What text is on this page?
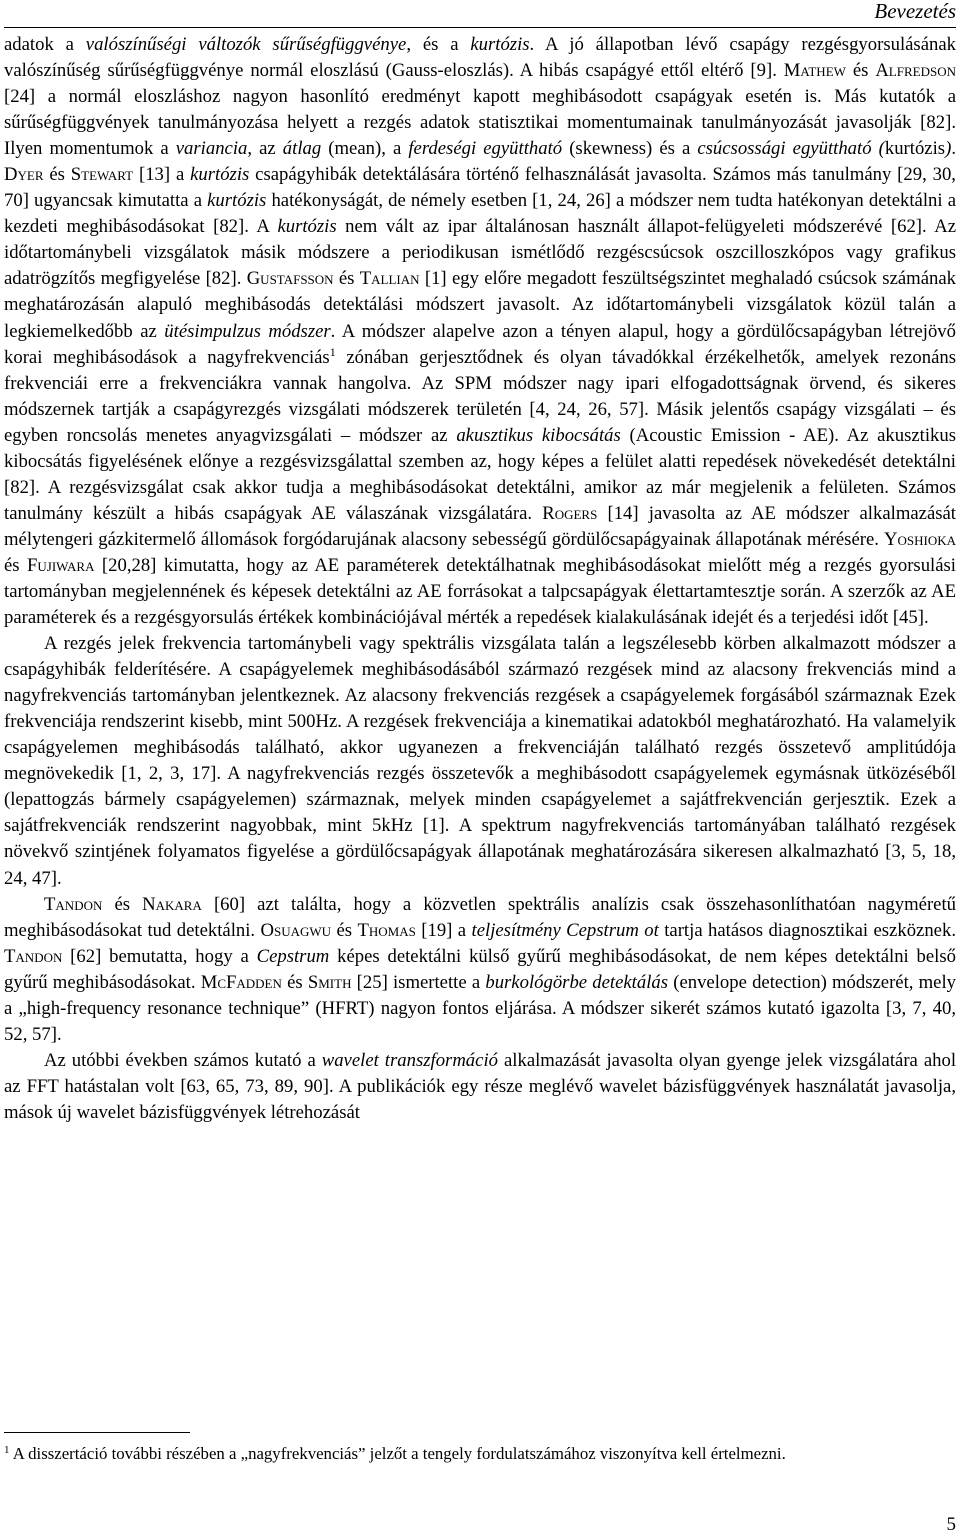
Bevezetés

adatok a valószínűségi változók sűrűségfüggvénye, és a kurtózis. A jó állapotban lévő csapágy rezgésgyorsulásának valószínűség sűrűségfüggvénye normál eloszlású (Gauss-eloszlás). A hibás csapágyé ettől eltérő [9]. Mathew és Alfredson [24] a normál eloszláshoz nagyon hasonlító eredményt kapott meghibásodott csapágyak esetén is. Más kutatók a sűrűségfüggvények tanulmányozása helyett a rezgés adatok statisztikai momentumainak tanulmányozását javasolják [82]. Ilyen momentumok a variancia, az átlag (mean), a ferdeségi együttható (skewness) és a csúcsossági együttható (kurtózis). Dyer és Stewart [13] a kurtózis csapágyhibák detektálására történő felhasználását javasolta. Számos más tanulmány [29, 30, 70] ugyancsak kimutatta a kurtózis hatékonyságát, de némely esetben [1, 24, 26] a módszer nem tudta hatékonyan detektálni a kezdeti meghibásodásokat [82]. A kurtózis nem vált az ipar általánosan használt állapot-felügyeleti módszerévé [62]. Az időtartománybeli vizsgálatok másik módszere a periodikusan ismétlődő rezgéscsúcsok oszcilloszkópos vagy grafikus adatrögzítős megfigyelése [82]. Gustafsson és Tallian [1] egy előre megadott feszültségszintet meghaladó csúcsok számának meghatározásán alapuló meghibásodás detektálási módszert javasolt. Az időtartománybeli vizsgálatok közül talán a legkiemelkedőbb az ütésimpulzus módszer. A módszer alapelve azon a tényen alapul, hogy a gördülőcsapágyban létrejövő korai meghibásodások a nagyfrekvenciás$^1$ zónában gerjesztődnek és olyan távadókkal érzékelhetők, amelyek rezonáns frekvenciái erre a frekvenciákra vannak hangolva. Az SPM módszer nagy ipari elfogadottságnak örvend, és sikeres módszernek tartják a csapágyrezgés vizsgálati módszerek területén [4, 24, 26, 57]. Másik jelentős csapágy vizsgálati – és egyben roncsolás menetes anyagvizsgálati – módszer az akusztikus kibocsátás (Acoustic Emission - AE). Az akusztikus kibocsátás figyelésének előnye a rezgésvizsgálattal szemben az, hogy képes a felület alatti repedések növekedését detektálni [82]. A rezgésvizsgálat csak akkor tudja a meghibásodásokat detektálni, amikor az már megjelenik a felületen. Számos tanulmány készült a hibás csapágyak AE válaszának vizsgálatára. Rogers [14] javasolta az AE módszer alkalmazását mélytengeri gázkitermelő állomások forgódarujának alacsony sebességű gördülőcsapágyainak állapotának mérésére. Yoshioka és Fujiwara [20,28] kimutatta, hogy az AE paraméterek detektálhatnak meghibásodásokat mielőtt még a rezgés gyorsulási tartományban megjelennének és képesek detektálni az AE forrásokat a talpcsapágyak élettartamtesztje során. A szerzők az AE paraméterek és a rezgésgyorsulás értékek kombinációjával mérték a repedések kialakulásának idejét és a terjedési időt [45].

A rezgés jelek frekvencia tartománybeli vagy spektrális vizsgálata talán a legszélesebb körben alkalmazott módszer a csapágyhibák felderítésére. A csapágyelemek meghibásodásából származó rezgések mind az alacsony frekvenciás mind a nagyfrekvenciás tartományban jelentkeznek. Az alacsony frekvenciás rezgések a csapágyelemek forgásából származnak Ezek frekvenciája rendszerint kisebb, mint 500Hz. A rezgések frekvenciája a kinematikai adatokból meghatározható. Ha valamelyik csapágyelemen meghibásodás található, akkor ugyanezen a frekvenciáján található rezgés összetevő amplitúdója megnövekedik [1, 2, 3, 17]. A nagyfrekvenciás rezgés összetevők a meghibásodott csapágyelemek egymásnak ütközéséből (lepattogzás bármely csapágyelemen) származnak, melyek minden csapágyelemet a sajátfrekvencián gerjesztik. Ezek a sajátfrekvenciák rendszerint nagyobbak, mint 5kHz [1]. A spektrum nagyfrekvenciás tartományában található rezgések növekvő szintjének folyamatos figyelése a gördülőcsapágyak állapotának meghatározására sikeresen alkalmazható [3, 5, 18, 24, 47].

Tandon és Nakara [60] azt találta, hogy a közvetlen spektrális analízis csak összehasonlíthatóan nagyméretű meghibásodásokat tud detektálni. Osuagwu és Thomas [19] a teljesítmény Cepstrum ot tartja hatásos diagnosztikai eszköznek. Tandon [62] bemutatta, hogy a Cepstrum képes detektálni külső gyűrű meghibásodásokat, de nem képes detektálni belső gyűrű meghibásodásokat. McFadden és Smith [25] ismertette a burkológörbe detektálás (envelope detection) módszerét, mely a „high-frequency resonance technique” (HFRT) nagyon fontos eljárása. A módszer sikerét számos kutató igazolta [3, 7, 40, 52, 57].

Az utóbbi években számos kutató a wavelet transzformáció alkalmazását javasolta olyan gyenge jelek vizsgálatára ahol az FFT hatástalan volt [63, 65, 73, 89, 90]. A publikációk egy része meglévő wavelet bázisfüggvények használatát javasolja, mások új wavelet bázisfüggvények létrehozását

$^1$ A disszertáció további részében a „nagyfrekvenciás” jelzőt a tengely fordulatszámához viszonyítva kell értelmezni.
5
